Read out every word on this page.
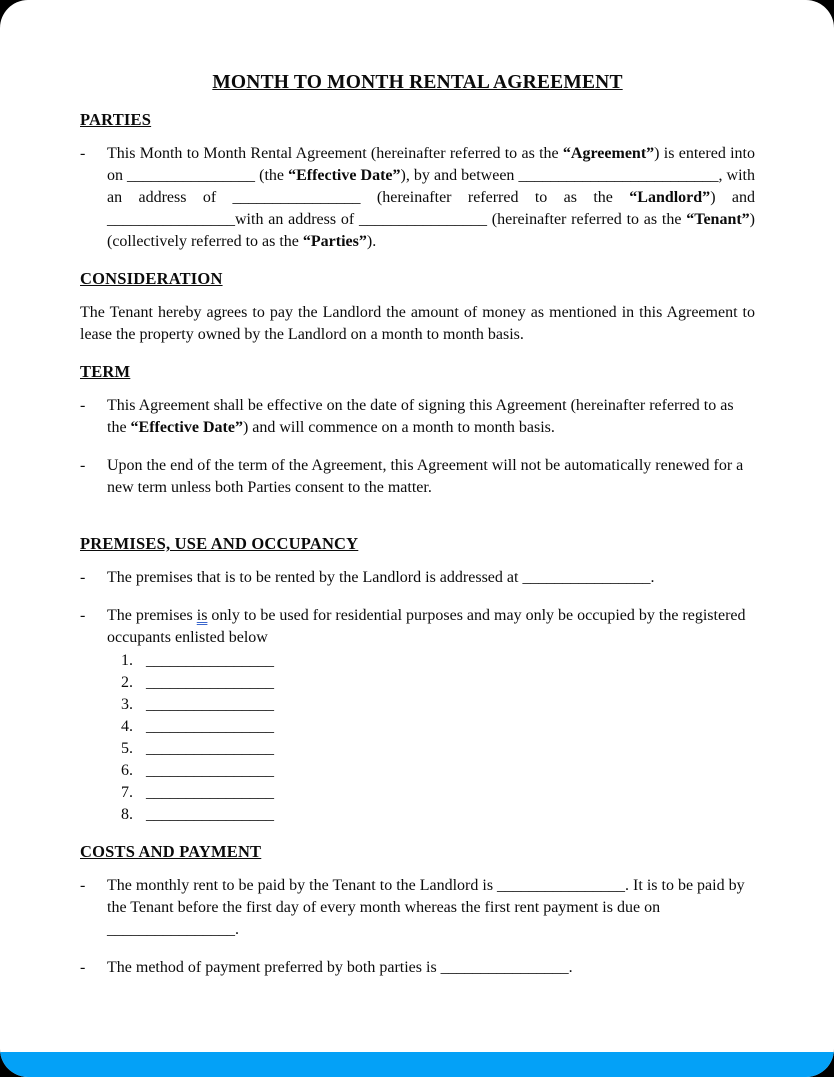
MONTH TO MONTH RENTAL AGREEMENT
PARTIES
-	This Month to Month Rental Agreement (hereinafter referred to as the “Agreement”) is entered into on ________________ (the “Effective Date”), by and between _________________________, with an address of ________________ (hereinafter referred to as the “Landlord”) and ________________with an address of ________________ (hereinafter referred to as the “Tenant”) (collectively referred to as the “Parties”).

CONSIDERATION

The Tenant hereby agrees to pay the Landlord the amount of money as mentioned in this Agreement to lease the property owned by the Landlord on a month to month basis.

TERM
-	This Agreement shall be effective on the date of signing this Agreement (hereinafter referred to as the “Effective Date”) and will commence on a month to month basis.

-	Upon the end of the term of the Agreement, this Agreement will not be automatically renewed for a new term unless both Parties consent to the matter.

PREMISES, USE AND OCCUPANCY
-	The premises that is to be rented by the Landlord is addressed at ________________.

-	The premises is only to be used for residential purposes and may only be occupied by the registered occupants enlisted below

1. ________________
2. ________________
3. ________________
4. ________________
5. ________________
6. ________________
7. ________________
8. ________________
COSTS AND PAYMENT
-	The monthly rent to be paid by the Tenant to the Landlord is ________________. It is to be paid by the Tenant before the first day of every month whereas the first rent payment is due on ________________.

-	The method of payment preferred by both parties is ________________.
